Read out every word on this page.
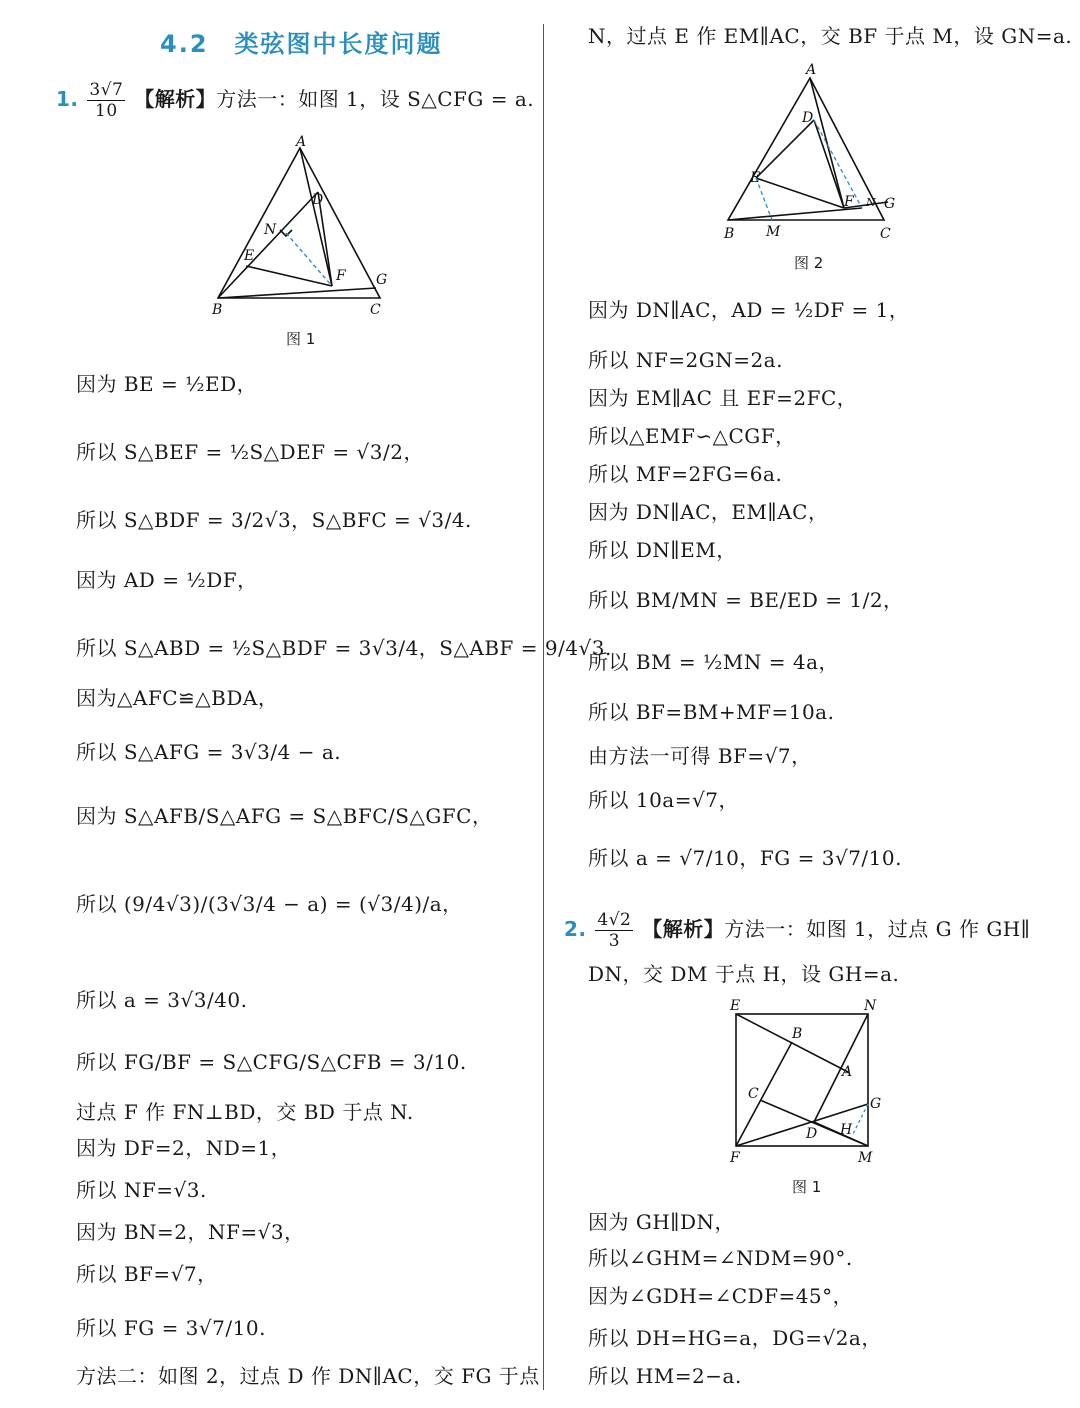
4.2　类弦图中长度问题
1. $\frac{3√7}{10}$ 【解析】方法一：如图 1，设 S△CFG = a.
A
D
N
E
F G
B	C
图 1
因为 BE = ½ED，
所以 S△BEF = ½S△DEF = √3/2，
所以 S△BDF = 3/2√3，S△BFC = √3/4.
因为 AD = ½DF，
所以 S△ABD = ½S△BDF = 3√3/4，S△ABF = 9/4√3.
因为△AFC≌△BDA，
所以 S△AFG = 3√3/4 − a.
因为 S△AFB/S△AFG = S△BFC/S△GFC，
所以 (9/4√3)/(3√3/4 − a) = (√3/4)/a，
所以 a = 3√3/40.
所以 FG/BF = S△CFG/S△CFB = 3/10.
过点 F 作 FN⊥BD，交 BD 于点 N.
因为 DF=2，ND=1，
所以 NF=√3.
因为 BN=2，NF=√3，
所以 BF=√7，
所以 FG = 3√7/10.
方法二：如图 2，过点 D 作 DN∥AC，交 FG 于点
N，过点 E 作 EM∥AC，交 BF 于点 M，设 GN=a.
A
D
E
F N G
B M	C
图 2
因为 DN∥AC，AD = ½DF = 1，
所以 NF=2GN=2a.
因为 EM∥AC 且 EF=2FC，
所以△EMF∽△CGF，
所以 MF=2FG=6a.
因为 DN∥AC，EM∥AC，
所以 DN∥EM，
所以 BM/MN = BE/ED = 1/2，
所以 BM = ½MN = 4a，
所以 BF=BM+MF=10a.
由方法一可得 BF=√7，
所以 10a=√7，
所以 a = √7/10，FG = 3√7/10.
2. $\frac{4√2}{3}$ 【解析】方法一：如图 1，过点 G 作 GH∥
DN，交 DM 于点 H，设 GH=a.
E	N
B
A
C
G
D H
F	M
图 1
因为 GH∥DN，
所以∠GHM=∠NDM=90°.
因为∠GDH=∠CDF=45°，
所以 DH=HG=a，DG=√2a，
所以 HM=2−a.
